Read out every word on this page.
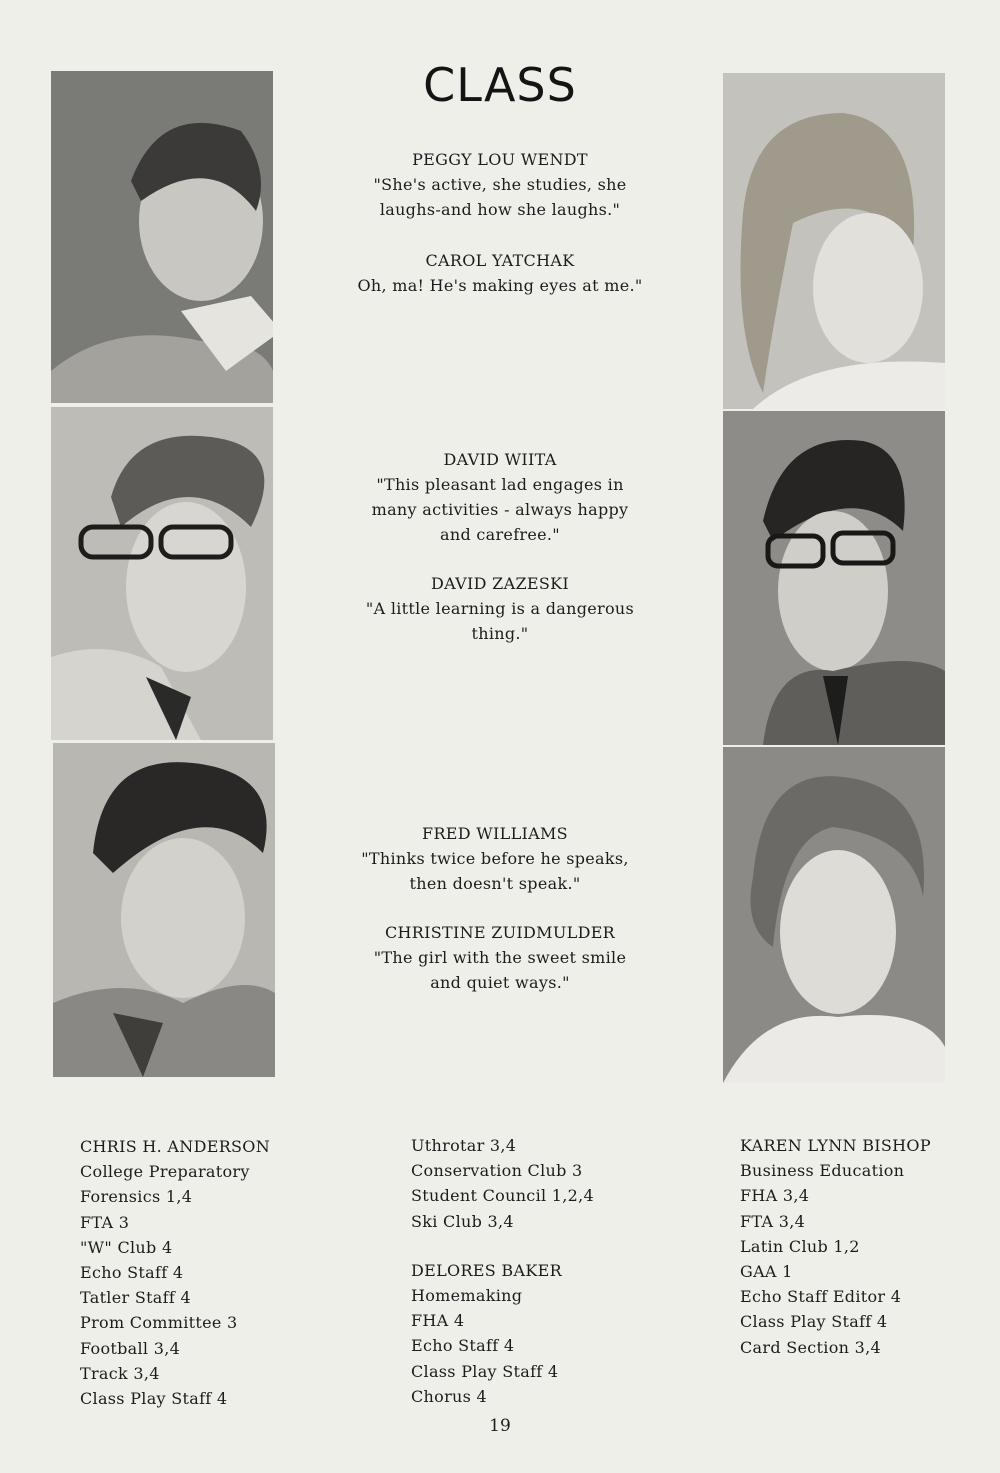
CLASS
PEGGY LOU WENDT
"She's active, she studies, she
laughs-and how she laughs."
CAROL YATCHAK
Oh, ma! He's making eyes at me."
DAVID WIITA
"This pleasant lad engages in
many activities - always happy
and carefree."
DAVID ZAZESKI
"A little learning is a dangerous
thing."
FRED WILLIAMS
"Thinks twice before he speaks,
then doesn't speak."
CHRISTINE ZUIDMULDER
"The girl with the sweet smile
and quiet ways."
CHRIS H. ANDERSON
College Preparatory
Forensics 1,4
FTA 3
"W" Club 4
Echo Staff 4
Tatler Staff 4
Prom Committee 3
Football 3,4
Track 3,4
Class Play Staff 4
Uthrotar 3,4
Conservation Club 3
Student Council 1,2,4
Ski Club 3,4
DELORES BAKER
Homemaking
FHA 4
Echo Staff 4
Class Play Staff 4
Chorus 4
KAREN LYNN BISHOP
Business Education
FHA 3,4
FTA 3,4
Latin Club 1,2
GAA 1
Echo Staff Editor 4
Class Play Staff 4
Card Section 3,4
19
